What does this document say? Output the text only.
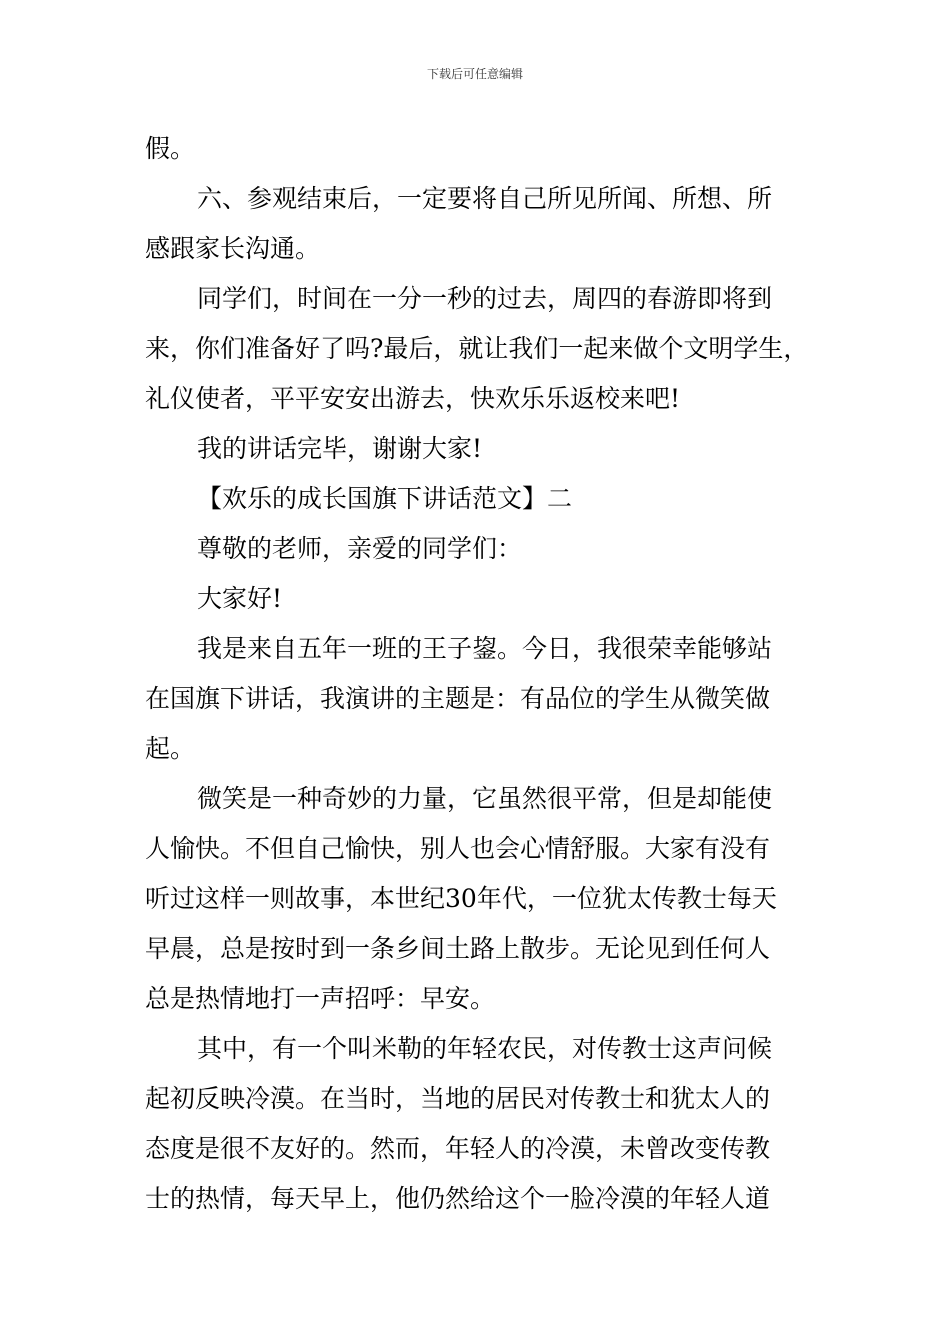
下载后可任意编辑
假。
六、参观结束后，一定要将自己所见所闻、所想、所
感跟家长沟通。
同学们，时间在一分一秒的过去，周四的春游即将到
来，你们准备好了吗?最后，就让我们一起来做个文明学生，
礼仪使者，平平安安出游去，快欢乐乐返校来吧!
我的讲话完毕，谢谢大家!
【欢乐的成长国旗下讲话范文】二
尊敬的老师，亲爱的同学们：
大家好!
我是来自五年一班的王子鋆。今日，我很荣幸能够站
在国旗下讲话，我演讲的主题是：有品位的学生从微笑做
起。
微笑是一种奇妙的力量，它虽然很平常，但是却能使
人愉快。不但自己愉快，别人也会心情舒服。大家有没有
听过这样一则故事，本世纪30年代，一位犹太传教士每天
早晨，总是按时到一条乡间土路上散步。无论见到任何人
总是热情地打一声招呼：早安。
其中，有一个叫米勒的年轻农民，对传教士这声问候
起初反映冷漠。在当时，当地的居民对传教士和犹太人的
态度是很不友好的。然而，年轻人的冷漠，未曾改变传教
士的热情，每天早上，他仍然给这个一脸冷漠的年轻人道
